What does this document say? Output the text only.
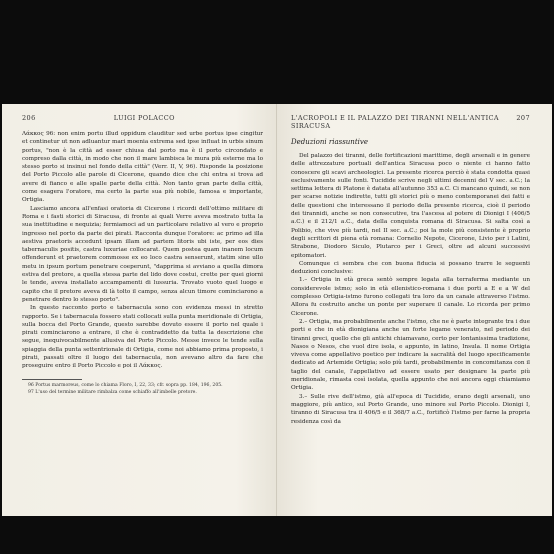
206	LUIGI POLACCO

Λάκκος 96: non enim portu illud oppidum clauditur sed urbe portus ipse cingitur et continetur ut non adluantur mari moenia extrema sed ipse influat in urbis sinum portus, "non è la città ad esser chiusa dal porto ma è il porto circondato e compreso dalla città, in modo che non il mare lambisca le mura più esterne ma lo stesso porto si insinui nel fondo della città" (Verr. II, V, 96). Risponde la posizione del Porto Piccolo alle parole di Cicerone, quando dice che chi entra si trova ad avere di fianco e alle spalle parte della città. Non tanto gran parte della città, come esagera l'oratore, ma certo la parte sua più nobile, famosa e importante, Ortigia.

Lasciamo ancora all'enfasi oratoria di Cicerone i ricordi dell'ottimo militare di Roma e i fasti storici di Siracusa, di fronte ai quali Verre aveva mostrato tutta la sua inettitudine e nequizia; fermiamoci ad un particolare relativo al vero e proprio ingresso nel porto da parte dei pirati. Racconta dunque l'oratore: ac primo ad illa aestiva praetoris accedunt ipsam illam ad partem litoris ubi iste, per eos dies tabernaculis positis, castra luxuriae collocarat. Quem posteа quam inanem locum offenderunt et praetorem commosse ex eo loco castra senserunt, statim sine ullo metu in ipsum portum penetrare coeperunt, "dapprima si avviano a quella dimora estiva del pretore, a quella stessa parte del lido dove costui, crette per quei giorni le tende, aveva installato accampamenti di lussuria. Trovato vuoto quel luogo e capito che il pretore aveva di là tolto il campo, senza alcun timore cominciarono a penetrare dentro lo stesso porto".

In questo racconto porto e tabernacula sono con evidenza messi in stretto rapporto. Se i tabernacula fossero stati collocati sulla punta meridionale di Ortigia, sulla bocca del Porto Grande, questo sarebbe dovuto essere il porto nel quale i pirati cominciarono a entrare, il che è contraddetto da tutta la descrizione che segue, inequivocabilmente allusiva del Porto Piccolo. Messe invece le tende sulla spiaggia della punta settentrionale di Ortigia, come noi abbiamo prima proposto, i pirati, passati oltre il luogo dei tabernacula, non avevano altro da fare che proseguire entro il Porto Piccolo e poi il Λάκκος.

96 Portus marmoreus, come lo chiama Floro, I, 22, 33; cfr. sopra pp. 184, 196, 205.

97 L'uso del termine militare rimbalza come schiaffo all'imbelle pretore.

L'ACROPOLI E IL PALAZZO DEI TIRANNI NELL'ANTICA SIRACUSA
207
Deduzioni riassuntive

Del palazzo dei tiranni, delle fortificazioni marittime, degli arsenali e in genere delle attrezzature portuali dell'antica Siracusa poco o niente ci hanno fatto conoscere gli scavi archeologici. La presente ricerca perciò è stata condotta quasi esclusivamente sulle fonti. Tucidide scrive negli ultimi decenni del V sec. a.C.; la settima lettera di Platone è datata all'autunno 353 a.C. Ci mancano quindi, se non per scarse notizie indirette, tutti gli storici più o meno contemporanei dei fatti e delle questioni che interessano il periodo della presente ricerca, cioè il periodo dei tirannidi, anche se non consecutive, tra l'ascesa al potere di Dionigi I (406/5 a.C.) e il 212/1 a.C., data della conquista romana di Siracusa. Si salta così a Polibio, che vive più tardi, nel II sec. a.C.; poi la mole più consistente è proprio degli scrittori di piena età romana: Cornelio Nepote, Cicerone, Livio per i Latini, Strabone, Diodoro Siculo, Plutarco per i Greci, oltre ad alcuni successivi epitomatori.

Comunque ci sembra che con buona fiducia si possano trarre le seguenti deduzioni conclusive:

1.– Ortigia in età greca sentò sempre legata alla terraferma mediante un considerevole istmo; solo in età ellenistico-romana i due porti a E e a W del complesso Ortigia-istmo furono collegati tra loro da un canale attraverso l'istmo. Allora fu costruito anche un ponte per superare il canale. Lo ricorda per primo Cicerone.

2.– Ortigia, ma probabilmente anche l'istmo, che ne è parte integrante tra i due porti e che in età dionigiana anche un forte legame venerato, nel periodo dei tiranni greci, quello che gli antichi chiamavano, certo per lontanissima tradizione, Nasos o Nesos, che vuol dire isola, e appunto, in latino, Insula. Il nome Ortigia viveva come appellativo poetico per indicare la sacralità del luogo specificamente dedicato ad Artemide Ortigia; solo più tardi, probabilmente in concomitanza con il taglio del canale, l'appellativo ad essere usato per designare la parte più meridionale, rimasta così isolata, quella appunto che noi ancora oggi chiamiamo Ortigia.

3.– Sulle rive dell'istmo, già all'epoca di Tucidide, erano degli arsenali, uno maggiore, più antico, sul Porto Grande, uno minore sul Porto Piccolo. Dionigi I, tiranno di Siracusa tra il 406/5 e il 368/7 a.C., fortificò l'istmo per farne la propria residenza così da
